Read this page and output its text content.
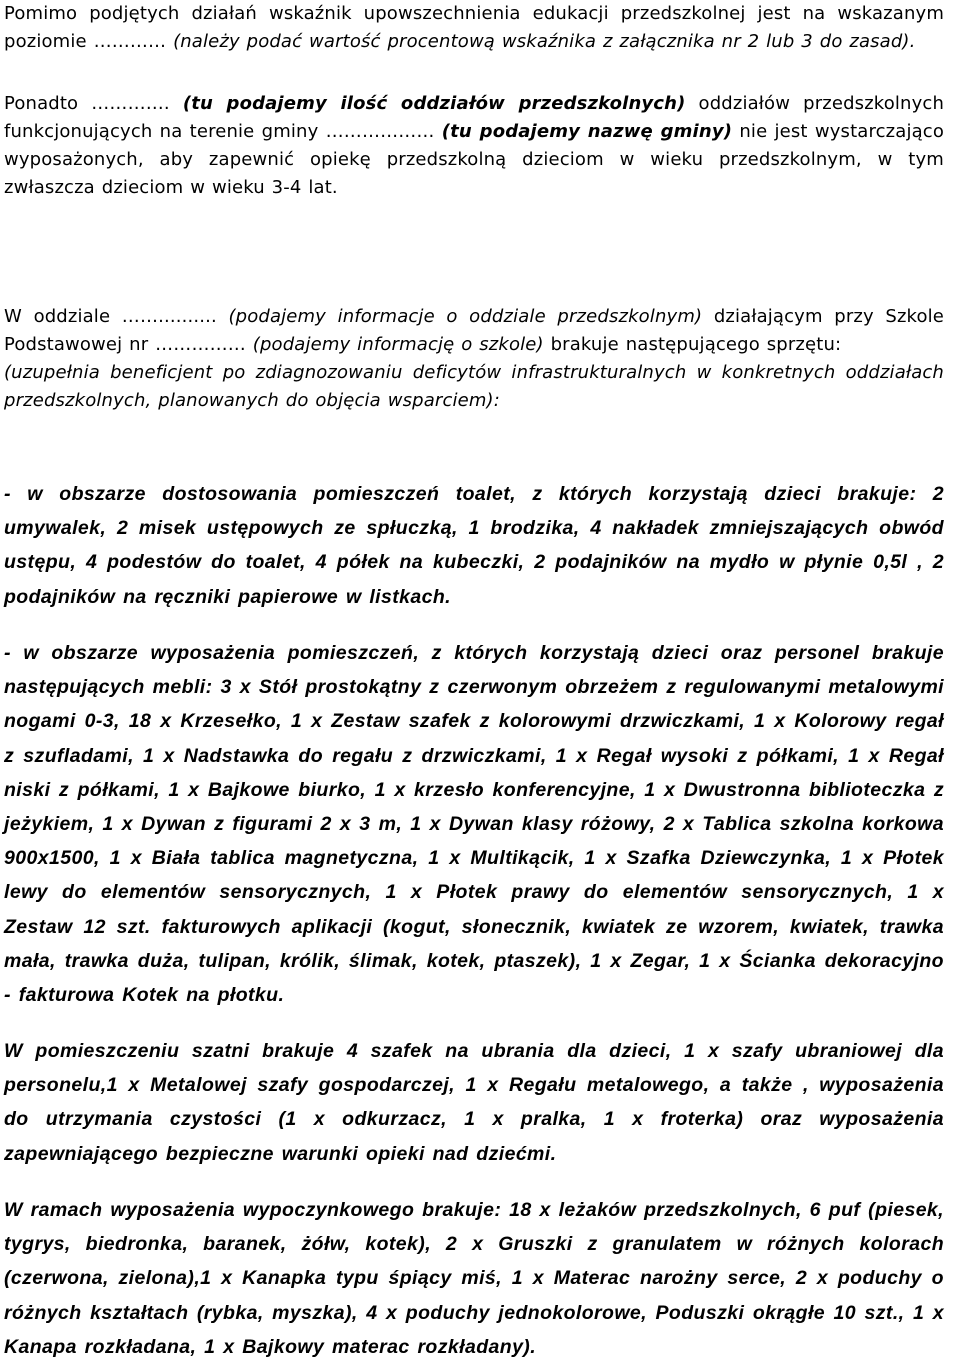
Pomimo podjętych działań wskaźnik upowszechnienia edukacji przedszkolnej jest na wskazanym poziomie ………… (należy podać wartość procentową wskaźnika z załącznika nr 2 lub 3 do zasad).

Ponadto …………. (tu podajemy ilość oddziałów przedszkolnych) oddziałów przedszkolnych funkcjonujących na terenie gminy ……………… (tu podajemy nazwę gminy) nie jest wystarczająco wyposażonych, aby zapewnić opiekę przedszkolną dzieciom w wieku przedszkolnym, w tym zwłaszcza dzieciom w wieku 3-4 lat.

W oddziale …….......... (podajemy informacje o oddziale przedszkolnym) działającym przy Szkole Podstawowej nr …………… (podajemy informację o szkole) brakuje następującego sprzętu:
(uzupełnia beneficjent po zdiagnozowaniu deficytów infrastrukturalnych w konkretnych oddziałach przedszkolnych, planowanych do objęcia wsparciem):

- w obszarze dostosowania pomieszczeń toalet, z których korzystają dzieci brakuje: 2 umywalek, 2 misek ustępowych ze spłuczką, 1 brodzika, 4 nakładek zmniejszających obwód ustępu, 4 podestów do toalet, 4 półek na kubeczki, 2 podajników na mydło w płynie 0,5l , 2 podajników na ręczniki papierowe w listkach.

- w obszarze wyposażenia pomieszczeń, z których korzystają dzieci oraz personel brakuje następujących mebli: 3 x Stół prostokątny z czerwonym obrzeżem z regulowanymi metalowymi nogami 0-3, 18 x Krzesełko, 1 x Zestaw szafek z kolorowymi drzwiczkami, 1 x Kolorowy regał z szufladami, 1 x Nadstawka do regału z drzwiczkami, 1 x Regał wysoki z półkami, 1 x Regał niski z półkami, 1 x Bajkowe biurko, 1 x krzesło konferencyjne, 1 x Dwustronna biblioteczka z jeżykiem, 1 x Dywan z figurami 2 x 3 m, 1 x Dywan klasy różowy, 2 x Tablica szkolna korkowa 900x1500, 1 x Biała tablica magnetyczna, 1 x Multikącik, 1 x Szafka Dziewczynka, 1 x Płotek lewy do elementów sensorycznych, 1 x Płotek prawy do elementów sensorycznych, 1 x Zestaw 12 szt. fakturowych aplikacji (kogut, słonecznik, kwiatek ze wzorem, kwiatek, trawka mała, trawka duża, tulipan, królik, ślimak, kotek, ptaszek), 1 x Zegar, 1 x Ścianka dekoracyjno - fakturowa Kotek na płotku.

W pomieszczeniu szatni brakuje 4 szafek na ubrania dla dzieci, 1 x szafy ubraniowej dla personelu,1 x Metalowej szafy gospodarczej, 1 x Regału metalowego, a także , wyposażenia do utrzymania czystości (1 x odkurzacz, 1 x pralka, 1 x froterka) oraz wyposażenia zapewniającego bezpieczne warunki opieki nad dziećmi.

W ramach wyposażenia wypoczynkowego brakuje: 18 x leżaków przedszkolnych, 6 puf (piesek, tygrys, biedronka, baranek, żółw, kotek), 2 x Gruszki z granulatem w różnych kolorach (czerwona, zielona),1 x Kanapka typu śpiący miś, 1 x Materac narożny serce, 2 x poduchy o różnych kształtach (rybka, myszka), 4 x poduchy jednokolorowe, Poduszki okrągłe 10 szt., 1 x Kanapa rozkładana, 1 x Bajkowy materac rozkładany).
